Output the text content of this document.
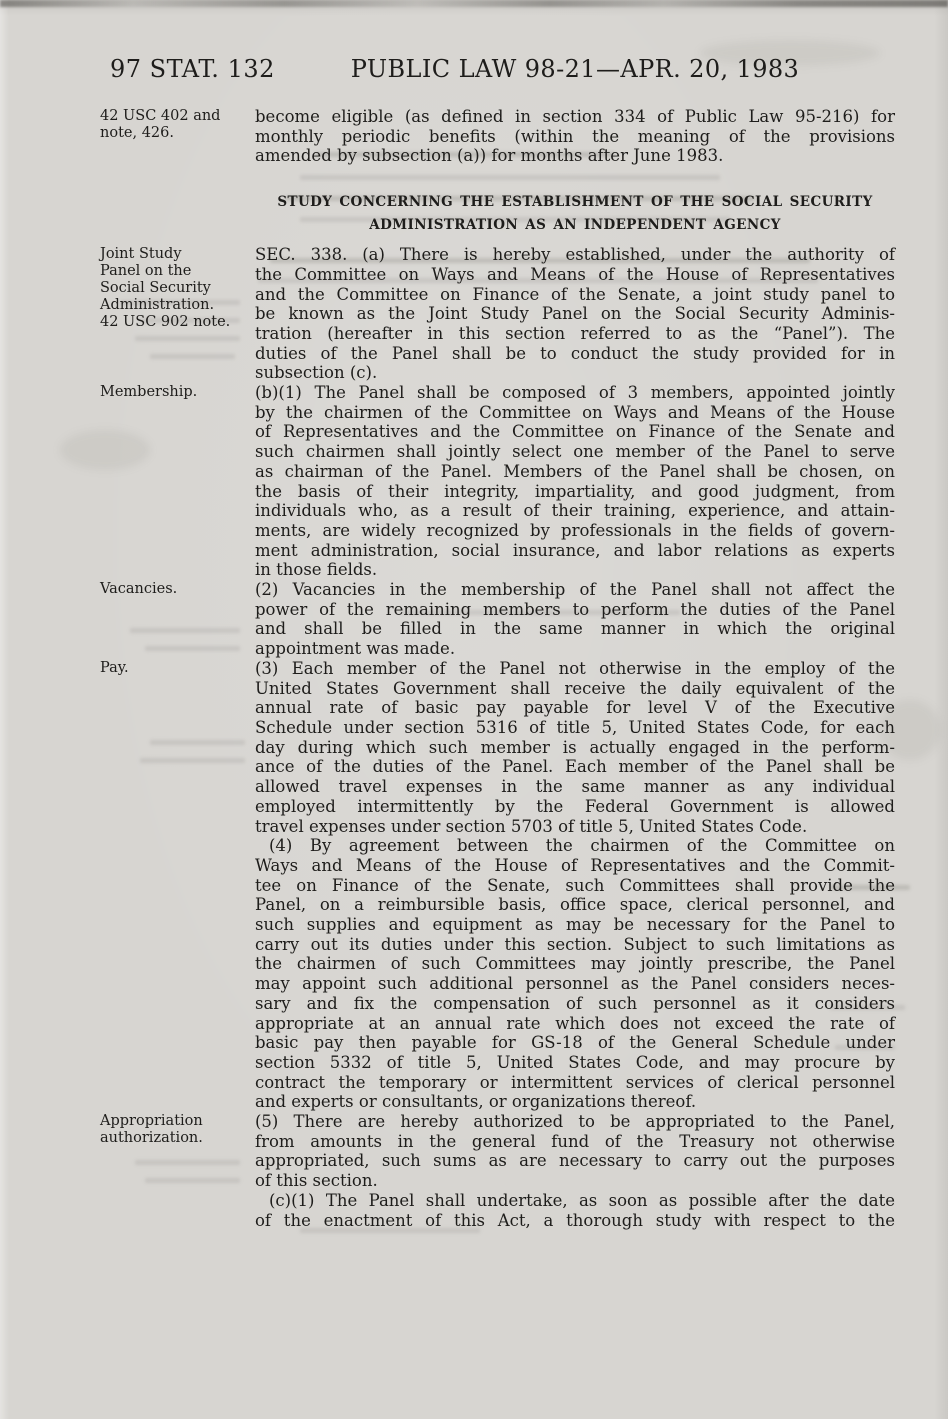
97 STAT. 132	PUBLIC LAW 98-21—APR. 20, 1983
42 USC 402 and
note, 426.
become eligible (as defined in section 334 of Public Law 95-216) for
monthly periodic benefits (within the meaning of the provisions
amended by subsection (a)) for months after June 1983.
STUDY CONCERNING THE ESTABLISHMENT OF THE SOCIAL SECURITY
ADMINISTRATION AS AN INDEPENDENT AGENCY
Joint Study
Panel on the
Social Security
Administration.
42 USC 902 note.
SEC. 338. (a) There is hereby established, under the authority of
the Committee on Ways and Means of the House of Representatives
and the Committee on Finance of the Senate, a joint study panel to
be known as the Joint Study Panel on the Social Security Adminis-
tration (hereafter in this section referred to as the “Panel”). The
duties of the Panel shall be to conduct the study provided for in
subsection (c).
Membership.	(b)(1) The Panel shall be composed of 3 members, appointed jointly
by the chairmen of the Committee on Ways and Means of the House
of Representatives and the Committee on Finance of the Senate and
such chairmen shall jointly select one member of the Panel to serve
as chairman of the Panel. Members of the Panel shall be chosen, on
the basis of their integrity, impartiality, and good judgment, from
individuals who, as a result of their training, experience, and attain-
ments, are widely recognized by professionals in the fields of govern-
ment administration, social insurance, and labor relations as experts
in those fields.
Vacancies.	(2) Vacancies in the membership of the Panel shall not affect the
power of the remaining members to perform the duties of the Panel
and shall be filled in the same manner in which the original
appointment was made.
Pay.	(3) Each member of the Panel not otherwise in the employ of the
United States Government shall receive the daily equivalent of the
annual rate of basic pay payable for level V of the Executive
Schedule under section 5316 of title 5, United States Code, for each
day during which such member is actually engaged in the perform-
ance of the duties of the Panel. Each member of the Panel shall be
allowed travel expenses in the same manner as any individual
employed intermittently by the Federal Government is allowed
travel expenses under section 5703 of title 5, United States Code.
(4) By agreement between the chairmen of the Committee on
Ways and Means of the House of Representatives and the Commit-
tee on Finance of the Senate, such Committees shall provide the
Panel, on a reimbursible basis, office space, clerical personnel, and
such supplies and equipment as may be necessary for the Panel to
carry out its duties under this section. Subject to such limitations as
the chairmen of such Committees may jointly prescribe, the Panel
may appoint such additional personnel as the Panel considers neces-
sary and fix the compensation of such personnel as it considers
appropriate at an annual rate which does not exceed the rate of
basic pay then payable for GS-18 of the General Schedule under
section 5332 of title 5, United States Code, and may procure by
contract the temporary or intermittent services of clerical personnel
and experts or consultants, or organizations thereof.
Appropriation
authorization.
(5) There are hereby authorized to be appropriated to the Panel,
from amounts in the general fund of the Treasury not otherwise
appropriated, such sums as are necessary to carry out the purposes
of this section.
(c)(1) The Panel shall undertake, as soon as possible after the date
of the enactment of this Act, a thorough study with respect to the
